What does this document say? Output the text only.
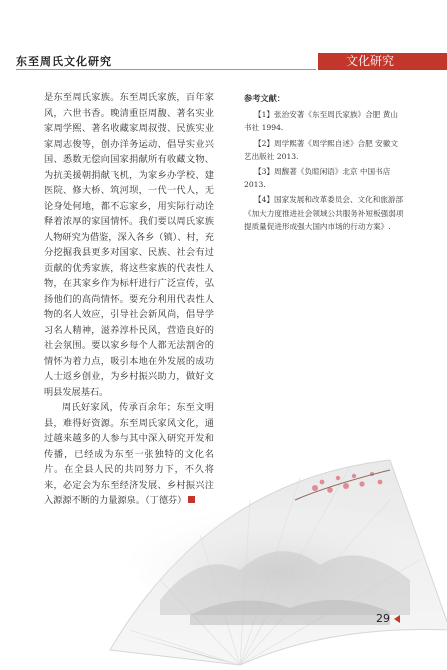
东至周氏文化研究	文化研究

是东至周氏家族。东至周氏家族，百年家风，六世书香。晚清重臣周馥、著名实业家周学熙、著名收藏家周叔弢、民族实业家周志俊等，创办洋务运动、倡导实业兴国、悉数无偿向国家捐献所有收藏文物、为抗美援朝捐献飞机，为家乡办学校、建医院、修大桥、筑河坝，一代一代人，无论身处何地，都不忘家乡，用实际行动诠释着浓厚的家国情怀。我们要以周氏家族人物研究为借鉴，深入各乡（镇）、村，充分挖掘我县更多对国家、民族、社会有过贡献的优秀家族，将这些家族的代表性人物，在其家乡作为标杆进行广泛宣传，弘扬他们的高尚情怀。要充分利用代表性人物的名人效应，引导社会新风尚，倡导学习名人精神，滋养淳朴民风，营造良好的社会氛围。要以家乡每个人都无法割舍的情怀为着力点，吸引本地在外发展的成功人士返乡创业，为乡村振兴助力，做好文明县发展基石。

周氏好家风，传承百余年；东至文明县，难得好资源。东至周氏家风文化，通过越来越多的人参与其中深入研究开发和传播，已经成为东至一张独特的文化名片。在全县人民的共同努力下，不久将来，必定会为东至经济发展、乡村振兴注入源源不断的力量源泉。（丁德芬）

参考文献：

【1】张治安著《东至周氏家族》合肥 黄山书社 1994.

【2】周学熙著《周学熙自述》合肥 安徽文艺出版社 2013.

【3】周馥著《负暄闲语》北京 中国书店 2013.

【4】国家发展和改革委员会、文化和旅游部《加大力度推进社会领域公共服务补短板强弱项提质量促进形成强大国内市场的行动方案》.

29
